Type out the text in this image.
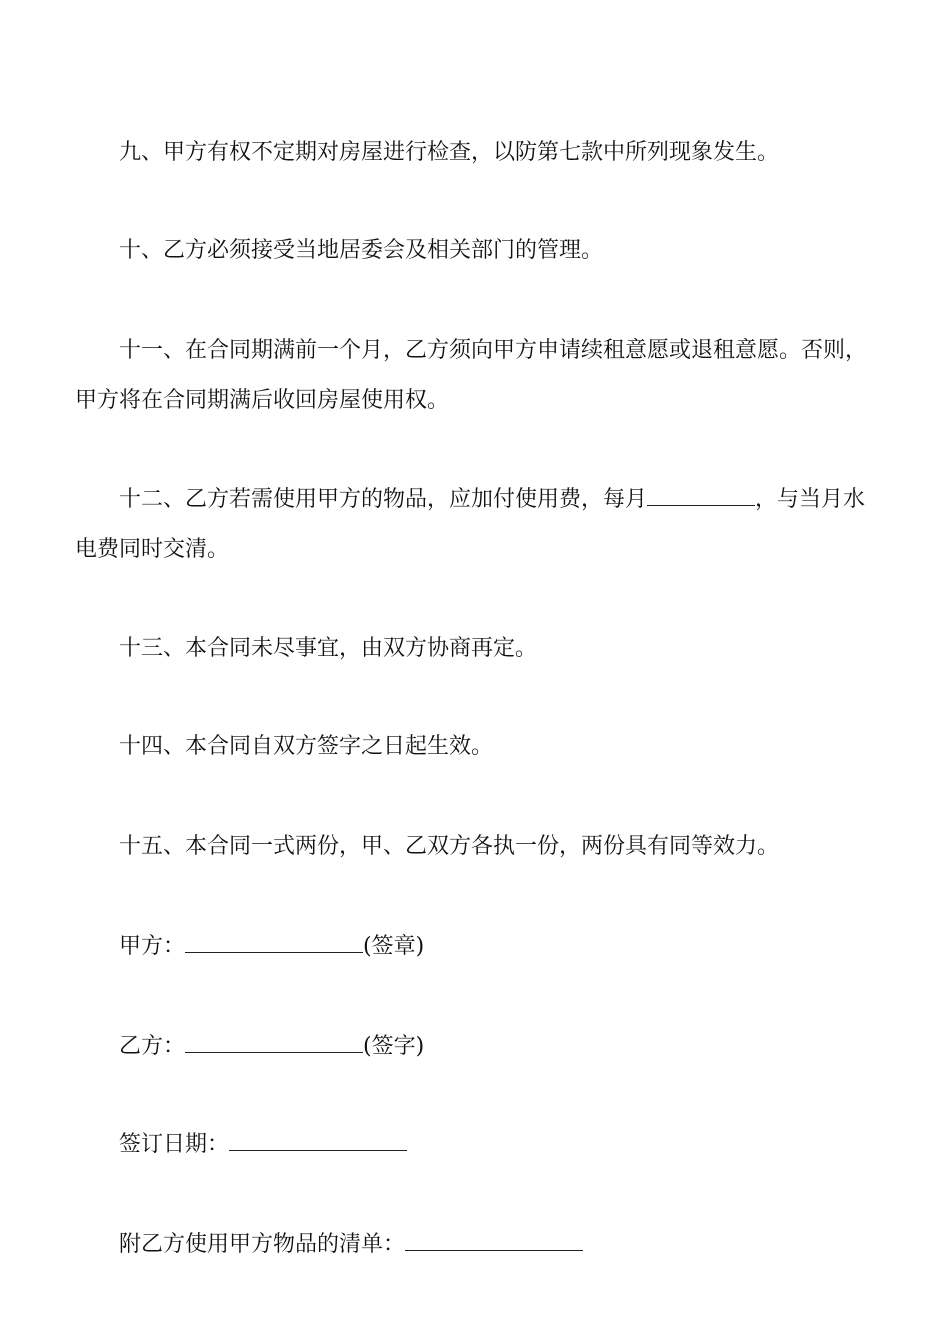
九、甲方有权不定期对房屋进行检查，以防第七款中所列现象发生。

十、乙方必须接受当地居委会及相关部门的管理。

十一、在合同期满前一个月，乙方须向甲方申请续租意愿或退租意愿。否则，甲方将在合同期满后收回房屋使用权。

十二、乙方若需使用甲方的物品，应加付使用费，每月	，与当月水电费同时交清。

十三、本合同未尽事宜，由双方协商再定。

十四、本合同自双方签字之日起生效。

十五、本合同一式两份，甲、乙双方各执一份，两份具有同等效力。

甲方：	(签章)

乙方：	(签字)

签订日期：

附乙方使用甲方物品的清单：
